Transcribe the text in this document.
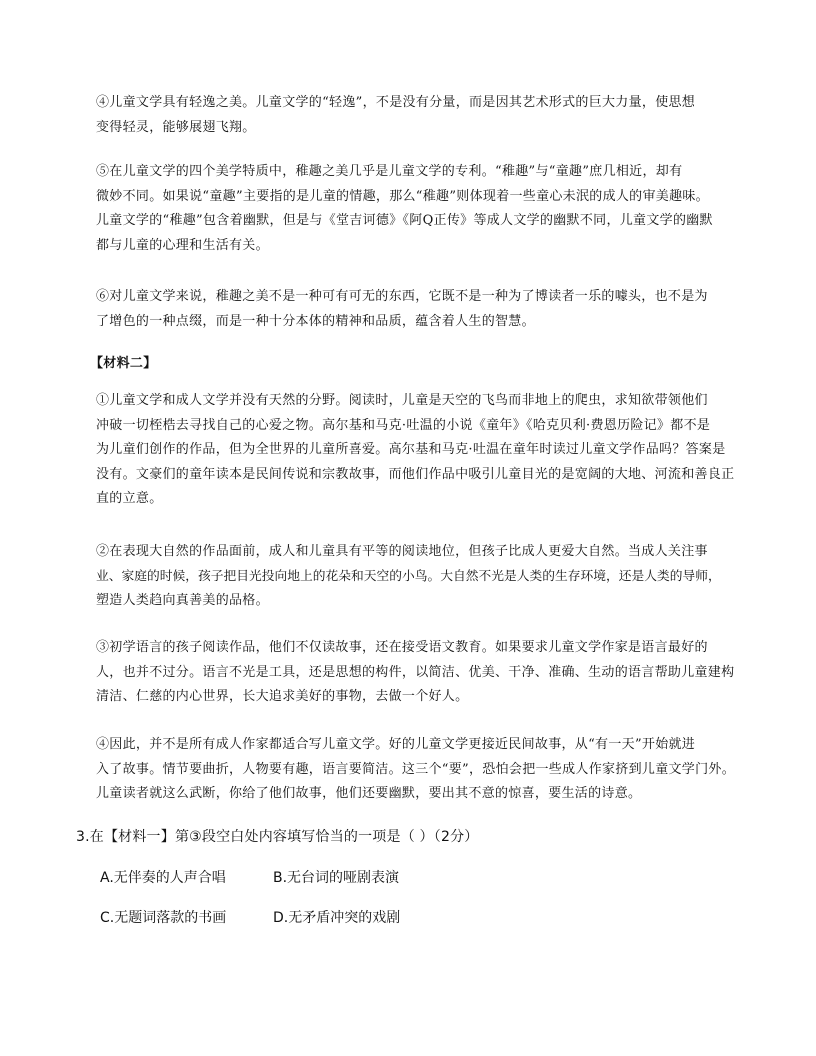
④儿童文学具有轻逸之美。儿童文学的“轻逸”，不是没有分量，而是因其艺术形式的巨大力量，使思想
变得轻灵，能够展翅飞翔。

⑤在儿童文学的四个美学特质中，稚趣之美几乎是儿童文学的专利。“稚趣”与“童趣”庶几相近，却有
微妙不同。如果说“童趣”主要指的是儿童的情趣，那么“稚趣”则体现着一些童心未泯的成人的审美趣味。
儿童文学的“稚趣”包含着幽默，但是与《堂吉诃德》《阿Q正传》等成人文学的幽默不同，儿童文学的幽默
都与儿童的心理和生活有关。

⑥对儿童文学来说，稚趣之美不是一种可有可无的东西，它既不是一种为了博读者一乐的噱头，也不是为
了增色的一种点缀，而是一种十分本体的精神和品质，蕴含着人生的智慧。

【材料二】

①儿童文学和成人文学并没有天然的分野。阅读时，儿童是天空的飞鸟而非地上的爬虫，求知欲带领他们
冲破一切桎梏去寻找自己的心爱之物。高尔基和马克·吐温的小说《童年》《哈克贝利·费恩历险记》都不是
为儿童们创作的作品，但为全世界的儿童所喜爱。高尔基和马克·吐温在童年时读过儿童文学作品吗？答案是
没有。文豪们的童年读本是民间传说和宗教故事，而他们作品中吸引儿童目光的是宽阔的大地、河流和善良正
直的立意。

②在表现大自然的作品面前，成人和儿童具有平等的阅读地位，但孩子比成人更爱大自然。当成人关注事
业、家庭的时候，孩子把目光投向地上的花朵和天空的小鸟。大自然不光是人类的生存环境，还是人类的导师，
塑造人类趋向真善美的品格。

③初学语言的孩子阅读作品，他们不仅读故事，还在接受语文教育。如果要求儿童文学作家是语言最好的
人，也并不过分。语言不光是工具，还是思想的构件，以简洁、优美、干净、准确、生动的语言帮助儿童建构
清洁、仁慈的内心世界，长大追求美好的事物，去做一个好人。

④因此，并不是所有成人作家都适合写儿童文学。好的儿童文学更接近民间故事，从“有一天”开始就进
入了故事。情节要曲折，人物要有趣，语言要简洁。这三个“要”，恐怕会把一些成人作家挤到儿童文学门外。
儿童读者就这么武断，你给了他们故事，他们还要幽默，要出其不意的惊喜，要生活的诗意。

3.在【材料一】第③段空白处内容填写恰当的一项是（ ）（2分）

A.无伴奏的人声合唱	B.无台词的哑剧表演
C.无题词落款的书画	D.无矛盾冲突的戏剧
